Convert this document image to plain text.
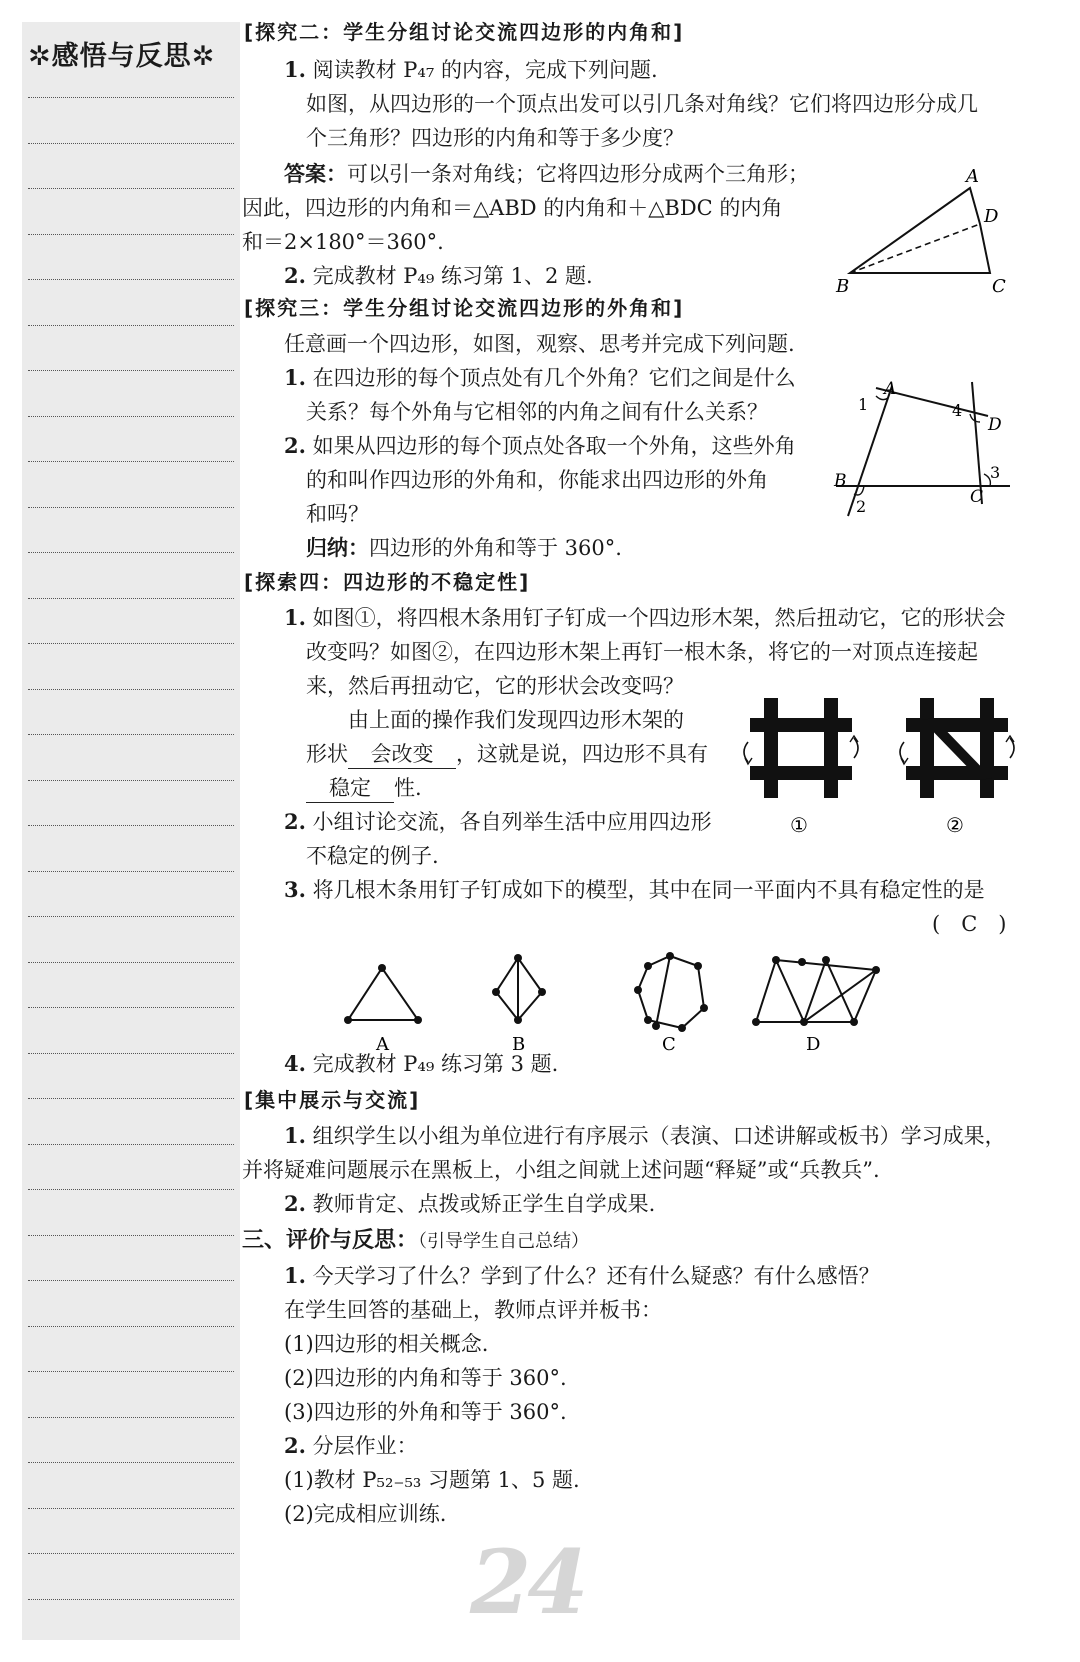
✲感悟与反思✲
24
[探究二：学生分组讨论交流四边形的内角和]
1. 阅读教材 P₄₇ 的内容，完成下列问题.
如图，从四边形的一个顶点出发可以引几条对角线？它们将四边形分成几
个三角形？四边形的内角和等于多少度？
答案：可以引一条对角线；它将四边形分成两个三角形；
因此，四边形的内角和＝△ABD 的内角和＋△BDC 的内角
和＝2×180°＝360°.
2. 完成教材 P₄₉ 练习第 1、2 题.
A
B	C
D
[探究三：学生分组讨论交流四边形的外角和]
任意画一个四边形，如图，观察、思考并完成下列问题.
1. 在四边形的每个顶点处有几个外角？它们之间是什么
关系？每个外角与它相邻的内角之间有什么关系？
2. 如果从四边形的每个顶点处各取一个外角，这些外角
的和叫作四边形的外角和，你能求出四边形的外角
和吗？
归纳：四边形的外角和等于 360°.
A
B
C
D
1
2
3
4
[探索四：四边形的不稳定性]
1. 如图①，将四根木条用钉子钉成一个四边形木架，然后扭动它，它的形状会
改变吗？如图②，在四边形木架上再钉一根木条，将它的一对顶点连接起
来，然后再扭动它，它的形状会改变吗？
由上面的操作我们发现四边形木架的
形状 会改变 ，这就是说，四边形不具有
稳定 性.
2. 小组讨论交流，各自列举生活中应用四边形
不稳定的例子.
①	②
3. 将几根木条用钉子钉成如下的模型，其中在同一平面内不具有稳定性的是
(　C　)
A	B	C	D
4. 完成教材 P₄₉ 练习第 3 题.
[集中展示与交流]
1. 组织学生以小组为单位进行有序展示（表演、口述讲解或板书）学习成果，
并将疑难问题展示在黑板上，小组之间就上述问题“释疑”或“兵教兵”.
2. 教师肯定、点拨或矫正学生自学成果.
三、评价与反思：（引导学生自己总结）
1. 今天学习了什么？学到了什么？还有什么疑惑？有什么感悟？
在学生回答的基础上，教师点评并板书：
(1)四边形的相关概念.
(2)四边形的内角和等于 360°.
(3)四边形的外角和等于 360°.
2. 分层作业：
(1)教材 P₅₂₋₅₃ 习题第 1、5 题.
(2)完成相应训练.
